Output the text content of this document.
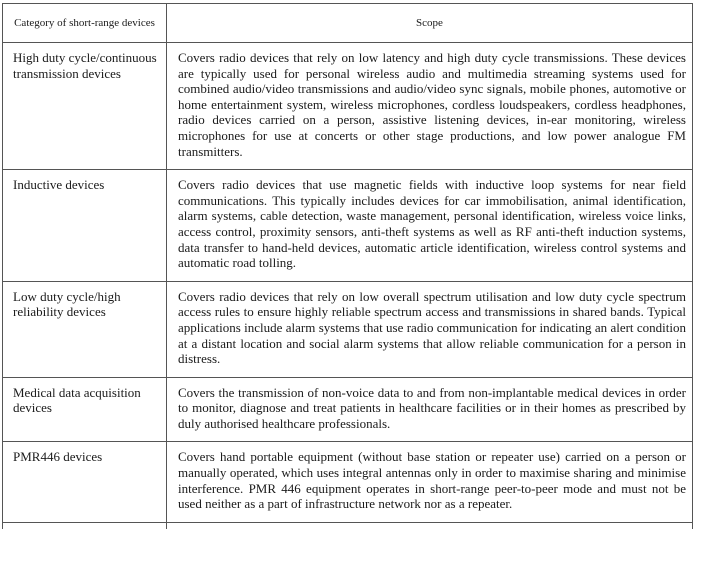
Category of short-range devices	Scope
High duty cycle/continuous transmission devices	Covers radio devices that rely on low latency and high duty cycle transmissions. These devices are typically used for personal wireless audio and multimedia streaming systems used for combined audio/video transmissions and audio/video sync signals, mobile phones, automotive or home entertainment system, wireless microphones, cordless loudspeakers, cordless headphones, radio devices carried on a person, assistive listening devices, in-ear monitoring, wireless microphones for use at concerts or other stage productions, and low power analogue FM transmitters.
Inductive devices	Covers radio devices that use magnetic fields with inductive loop systems for near field communications. This typically includes devices for car immobilisation, animal identification, alarm systems, cable detection, waste management, personal identification, wireless voice links, access control, proximity sensors, anti-theft systems as well as RF anti-theft induction systems, data transfer to hand-held devices, automatic article identification, wireless control systems and automatic road tolling.
Low duty cycle/high reliability devices	Covers radio devices that rely on low overall spectrum utilisation and low duty cycle spectrum access rules to ensure highly reliable spectrum access and transmissions in shared bands. Typical applications include alarm systems that use radio communication for indicating an alert condition at a distant location and social alarm systems that allow reliable communication for a person in distress.
Medical data acquisition devices	Covers the transmission of non-voice data to and from non-implantable medical devices in order to monitor, diagnose and treat patients in healthcare facilities or in their homes as prescribed by duly authorised healthcare professionals.
PMR446 devices	Covers hand portable equipment (without base station or repeater use) carried on a person or manually operated, which uses integral antennas only in order to maximise sharing and minimise interference. PMR 446 equipment operates in short-range peer-to-peer mode and must not be used neither as a part of infrastructure network nor as a repeater.
